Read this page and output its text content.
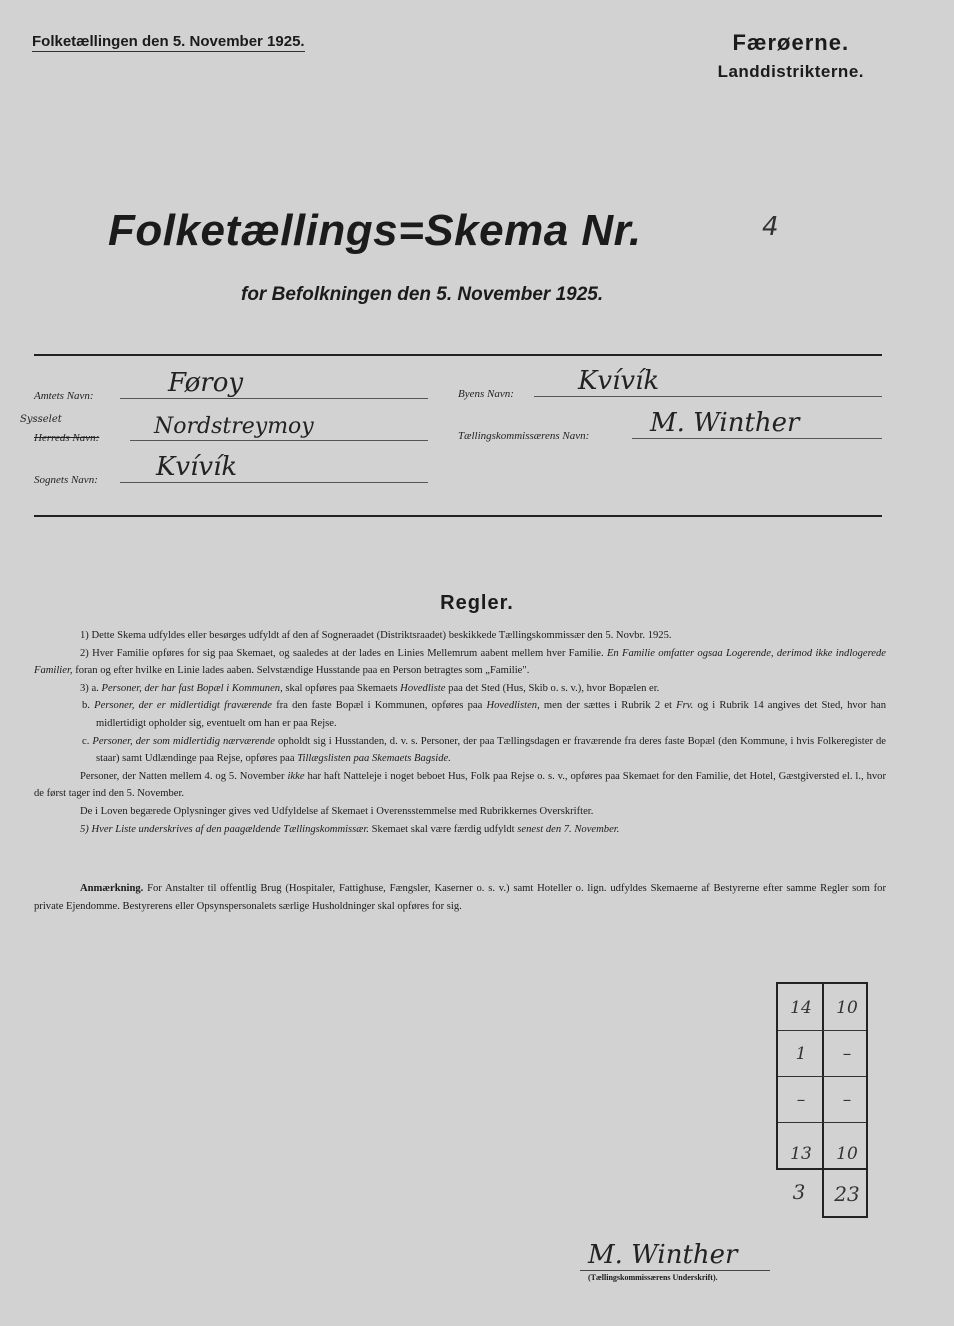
Folketællingen den 5. November 1925.	Færøerne.
Landdistrikterne.
Folketællings=Skema Nr.	4
for Befolkningen den 5. November 1925.
Amtets Navn:	Føroy
Sysselet
Herreds Navn: Nordstreymoy
Sognets Navn: Kvívík
Byens Navn: Kvívík
Tællingskommissærens Navn: M. Winther
Regler.

1) Dette Skema udfyldes eller besørges udfyldt af den af Sogneraadet (Distriktsraadet) beskikkede Tællingskommissær den 5. Novbr. 1925.

2) Hver Familie opføres for sig paa Skemaet, og saaledes at der lades en Linies Mellemrum aabent mellem hver Familie. En Familie omfatter ogsaa Logerende, derimod ikke indlogerede Familier, foran og efter hvilke en Linie lades aaben. Selvstændige Husstande paa en Person betragtes som „Familie".

3) a. Personer, der har fast Bopæl i Kommunen, skal opføres paa Skemaets Hovedliste paa det Sted (Hus, Skib o. s. v.), hvor Bopælen er.

b. Personer, der er midlertidigt fraværende fra den faste Bopæl i Kommunen, opføres paa Hovedlisten, men der sættes i Rubrik 2 et Frv. og i Rubrik 14 angives det Sted, hvor han midlertidigt opholder sig, eventuelt om han er paa Rejse.

c. Personer, der som midlertidig nærværende opholdt sig i Husstanden, d. v. s. Personer, der paa Tællingsdagen er fraværende fra deres faste Bopæl (den Kommune, i hvis Folkeregister de staar) samt Udlændinge paa Rejse, opføres paa Tillægslisten paa Skemaets Bagside.

Personer, der Natten mellem 4. og 5. November ikke har haft Natteleje i noget beboet Hus, Folk paa Rejse o. s. v., opføres paa Skemaet for den Familie, det Hotel, Gæstgiversted el. l., hvor de først tager ind den 5. November.

De i Loven begærede Oplysninger gives ved Udfyldelse af Skemaet i Overensstemmelse med Rubrikkernes Overskrifter.

5) Hver Liste underskrives af den paagældende Tællingskommissær. Skemaet skal være færdig udfyldt senest den 7. November.

Anmærkning. For Anstalter til offentlig Brug (Hospitaler, Fattighuse, Fængsler, Kaserner o. s. v.) samt Hoteller o. lign. udfyldes Skemaerne af Bestyrerne efter samme Regler som for private Ejendomme. Bestyrerens eller Opsynspersonalets særlige Husholdninger skal opføres for sig.
14	10
1	–
–	–
13	10
3	23
M. Winther
(Tællingskommissærens Underskrift).
